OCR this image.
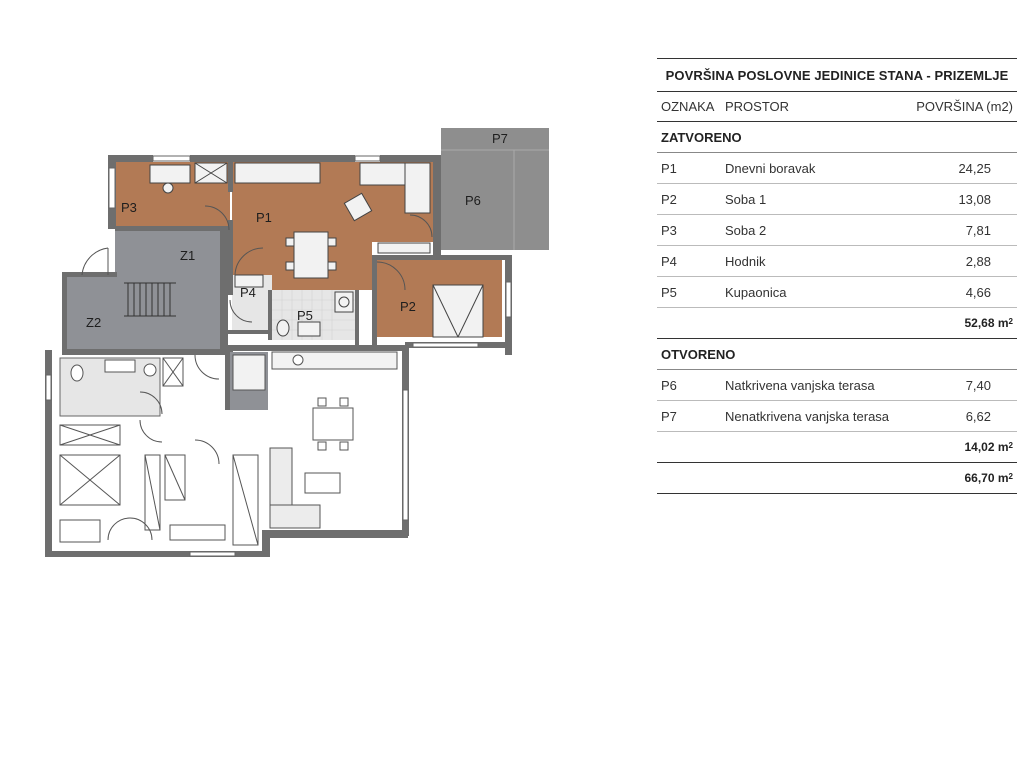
P7
P6
P3
P1
Z1
P4
P5
P2
Z2
POVRŠINA POSLOVNE JEDINICE STANA - PRIZEMLJE
OZNAKA PROSTOR	POVRŠINA (m2)
ZATVORENO
P1	Dnevni boravak	24,25
P2	Soba 1	13,08
P3	Soba 2	7,81
P4	Hodnik	2,88
P5	Kupaonica	4,66
52,68 $m^2$
OTVORENO
P6	Natkrivena vanjska terasa	7,40
P7	Nenatkrivena vanjska terasa	6,62
14,02 $m^2$
66,70 $m^2$
